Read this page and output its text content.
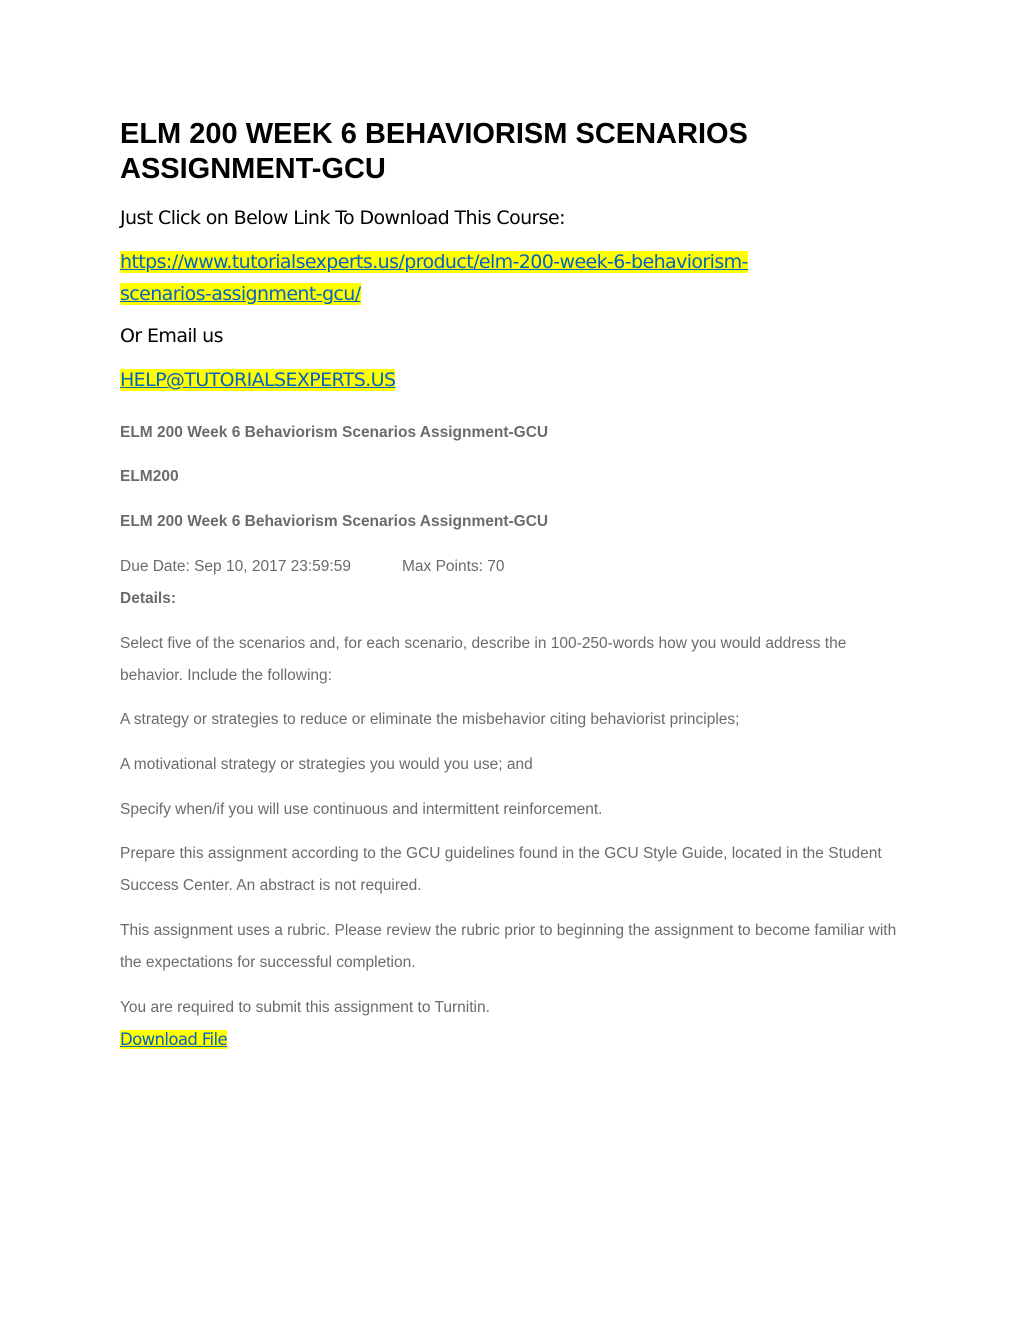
ELM 200 WEEK 6 BEHAVIORISM SCENARIOS ASSIGNMENT-GCU
Just Click on Below Link To Download This Course:
https://www.tutorialsexperts.us/product/elm-200-week-6-behaviorism-
scenarios-assignment-gcu/
Or Email us
HELP@TUTORIALSEXPERTS.US
ELM 200 Week 6 Behaviorism Scenarios Assignment-GCU
ELM200
ELM 200 Week 6 Behaviorism Scenarios Assignment-GCU
Due Date: Sep 10, 2017 23:59:59	Max Points: 70
Details:
Select five of the scenarios and, for each scenario, describe in 100-250-words how you would address the behavior. Include the following:
A strategy or strategies to reduce or eliminate the misbehavior citing behaviorist principles;
A motivational strategy or strategies you would you use; and
Specify when/if you will use continuous and intermittent reinforcement.
Prepare this assignment according to the GCU guidelines found in the GCU Style Guide, located in the Student Success Center. An abstract is not required.
This assignment uses a rubric. Please review the rubric prior to beginning the assignment to become familiar with the expectations for successful completion.
You are required to submit this assignment to Turnitin.
Download File
